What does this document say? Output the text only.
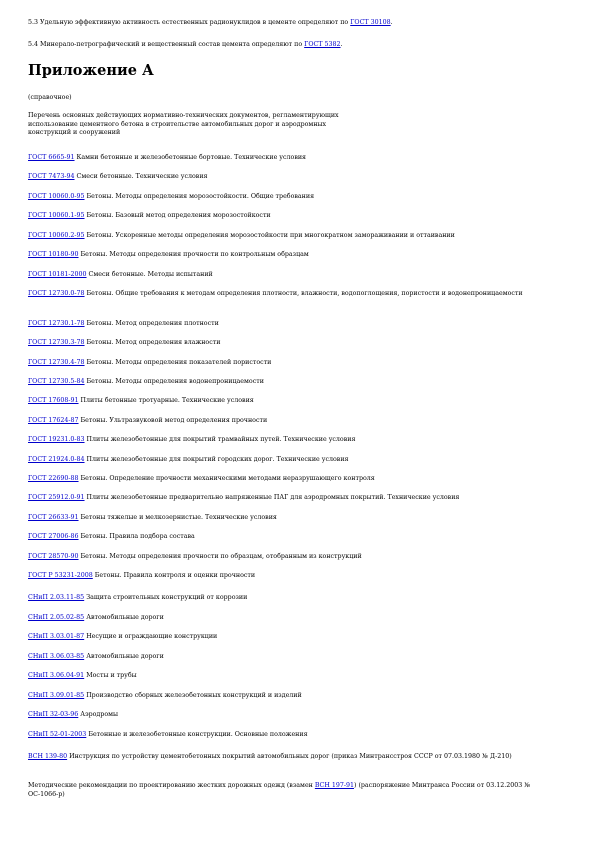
5.3 Удельную эффективную активность естественных радионуклидов в цементе определяют по ГОСТ 30108.

5.4 Минерало-петрографический и вещественный состав цемента определяют по ГОСТ 5382.

Приложение А

(справочное)

Перечень основных действующих нормативно-технических документов, регламентирующих использование цементного бетона в строительстве автомобильных дорог и аэродромных конструкций и сооружений

ГОСТ 6665-91 Камни бетонные и железобетонные бортовые. Технические условия

ГОСТ 7473-94 Смеси бетонные. Технические условия

ГОСТ 10060.0-95 Бетоны. Методы определения морозостойкости. Общие требования

ГОСТ 10060.1-95 Бетоны. Базовый метод определения морозостойкости

ГОСТ 10060.2-95 Бетоны. Ускоренные методы определения морозостойкости при многократном замораживании и оттаивании

ГОСТ 10180-90 Бетоны. Методы определения прочности по контрольным образцам

ГОСТ 10181-2000 Смеси бетонные. Методы испытаний

ГОСТ 12730.0-78 Бетоны. Общие требования к методам определения плотности, влажности, водопоглощения, пористости и водонепроницаемости

ГОСТ 12730.1-78 Бетоны. Метод определения плотности

ГОСТ 12730.3-78 Бетоны. Метод определения влажности

ГОСТ 12730.4-78 Бетоны. Методы определения показателей пористости

ГОСТ 12730.5-84 Бетоны. Методы определения водонепроницаемости

ГОСТ 17608-91 Плиты бетонные тротуарные. Технические условия

ГОСТ 17624-87 Бетоны. Ультразвуковой метод определения прочности

ГОСТ 19231.0-83 Плиты железобетонные для покрытий трамвайных путей. Технические условия

ГОСТ 21924.0-84 Плиты железобетонные для покрытий городских дорог. Технические условия

ГОСТ 22690-88 Бетоны. Определение прочности механическими методами неразрушающего контроля

ГОСТ 25912.0-91 Плиты железобетонные предварительно напряженные ПАГ для аэродромных покрытий. Технические условия

ГОСТ 26633-91 Бетоны тяжелые и мелкозернистые. Технические условия

ГОСТ 27006-86 Бетоны. Правила подбора состава

ГОСТ 28570-90 Бетоны. Методы определения прочности по образцам, отобранным из конструкций

ГОСТ Р 53231-2008 Бетоны. Правила контроля и оценки прочности

СНиП 2.03.11-85 Защита строительных конструкций от коррозии

СНиП 2.05.02-85 Автомобильные дороги

СНиП 3.03.01-87 Несущие и ограждающие конструкции

СНиП 3.06.03-85 Автомобильные дороги

СНиП 3.06.04-91 Мосты и трубы

СНиП 3.09.01-85 Производство сборных железобетонных конструкций и изделий

СНиП 32-03-96 Аэродромы

СНиП 52-01-2003 Бетонные и железобетонные конструкции. Основные положения

ВСН 139-80 Инструкция по устройству цементобетонных покрытий автомобильных дорог (приказ Минтрансстроя СССР от 07.03.1980 № Д-210)

Методические рекомендации по проектированию жестких дорожных одежд (взамен ВСН 197-91) (распоряжение Минтранса России от 03.12.2003 № ОС-1066-р)
